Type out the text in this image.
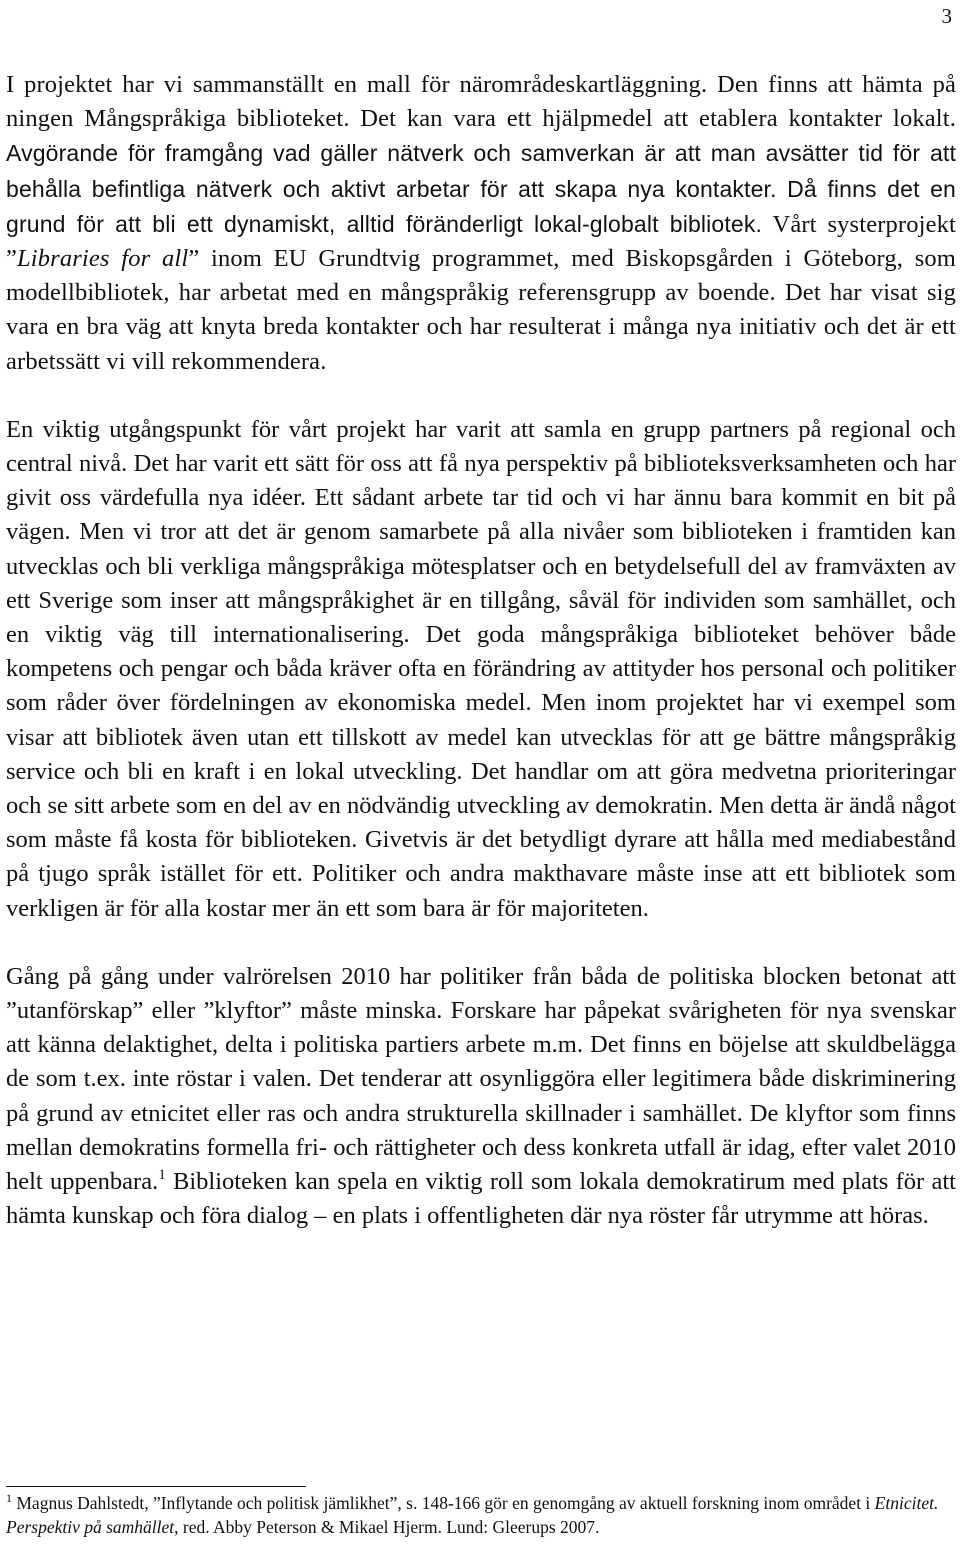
3

I projektet har vi sammanställt en mall för närområdeskartläggning. Den finns att hämta på ningen Mångspråkiga biblioteket. Det kan vara ett hjälpmedel att etablera kontakter lokalt. Avgörande för framgång vad gäller nätverk och samverkan är att man avsätter tid för att behålla befintliga nätverk och aktivt arbetar för att skapa nya kontakter. Då finns det en grund för att bli ett dynamiskt, alltid föränderligt lokal-globalt bibliotek. Vårt systerprojekt ”Libraries for all” inom EU Grundtvig programmet, med Biskopsgården i Göteborg, som modellbibliotek, har arbetat med en mångspråkig referensgrupp av boende. Det har visat sig vara en bra väg att knyta breda kontakter och har resulterat i många nya initiativ och det är ett arbetssätt vi vill rekommendera.

En viktig utgångspunkt för vårt projekt har varit att samla en grupp partners på regional och central nivå. Det har varit ett sätt för oss att få nya perspektiv på biblioteksverksamheten och har givit oss värdefulla nya idéer. Ett sådant arbete tar tid och vi har ännu bara kommit en bit på vägen. Men vi tror att det är genom samarbete på alla nivåer som biblioteken i framtiden kan utvecklas och bli verkliga mångspråkiga mötesplatser och en betydelsefull del av framväxten av ett Sverige som inser att mångspråkighet är en tillgång, såväl för individen som samhället, och en viktig väg till internationalisering. Det goda mångspråkiga biblioteket behöver både kompetens och pengar och båda kräver ofta en förändring av attityder hos personal och politiker som råder över fördelningen av ekonomiska medel. Men inom projektet har vi exempel som visar att bibliotek även utan ett tillskott av medel kan utvecklas för att ge bättre mångspråkig service och bli en kraft i en lokal utveckling. Det handlar om att göra medvetna prioriteringar och se sitt arbete som en del av en nödvändig utveckling av demokratin. Men detta är ändå något som måste få kosta för biblioteken. Givetvis är det betydligt dyrare att hålla med mediabestånd på tjugo språk istället för ett. Politiker och andra makthavare måste inse att ett bibliotek som verkligen är för alla kostar mer än ett som bara är för majoriteten.

Gång på gång under valrörelsen 2010 har politiker från båda de politiska blocken betonat att ”utanförskap” eller ”klyftor” måste minska. Forskare har påpekat svårigheten för nya svenskar att känna delaktighet, delta i politiska partiers arbete m.m. Det finns en böjelse att skuldbelägga de som t.ex. inte röstar i valen. Det tenderar att osynliggöra eller legitimera både diskriminering på grund av etnicitet eller ras och andra strukturella skillnader i samhället. De klyftor som finns mellan demokratins formella fri- och rättigheter och dess konkreta utfall är idag, efter valet 2010 helt uppenbara.$^1$ Biblioteken kan spela en viktig roll som lokala demokratirum med plats för att hämta kunskap och föra dialog – en plats i offentligheten där nya röster får utrymme att höras.

$^1$ Magnus Dahlstedt, ”Inflytande och politisk jämlikhet”, s. 148-166 gör en genomgång av aktuell forskning inom området i Etnicitet. Perspektiv på samhället, red. Abby Peterson & Mikael Hjerm. Lund: Gleerups 2007.
